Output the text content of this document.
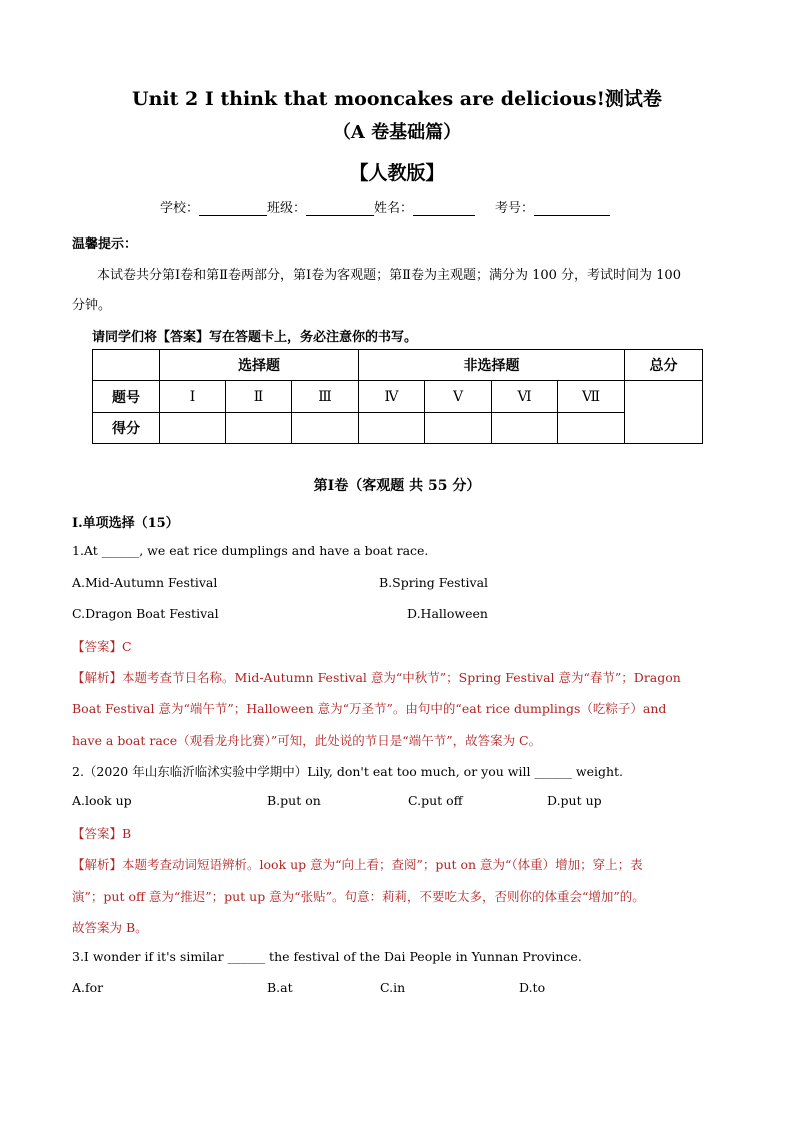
Unit 2 I think that mooncakes are delicious!测试卷
（A 卷基础篇）
【人教版】
学校：	班级：	姓名：	考号：
温馨提示：
本试卷共分第Ⅰ卷和第Ⅱ卷两部分，第Ⅰ卷为客观题；第Ⅱ卷为主观题；满分为 100 分，考试时间为 100
分钟。
请同学们将【答案】写在答题卡上，务必注意你的书写。
	选择题			非选择题				总分
题号	Ⅰ	Ⅱ	Ⅲ	Ⅳ	Ⅴ	Ⅵ	Ⅶ	
得分								
第Ⅰ卷（客观题 共 55 分）
Ⅰ.单项选择（15）
1.At ______, we eat rice dumplings and have a boat race.
A.Mid-Autumn Festival	B.Spring Festival
C.Dragon Boat Festival	D.Halloween
【答案】C
【解析】本题考查节日名称。Mid-Autumn Festival 意为“中秋节”；Spring Festival 意为“春节”；Dragon
Boat Festival 意为“端午节”；Halloween 意为“万圣节”。由句中的“eat rice dumplings（吃粽子）and
have a boat race（观看龙舟比赛）”可知，此处说的节日是“端午节”，故答案为 C。
2.（2020 年山东临沂临沭实验中学期中）Lily, don't eat too much, or you will ______ weight.
A.look up	B.put on	C.put off	D.put up
【答案】B
【解析】本题考查动词短语辨析。look up 意为“向上看；查阅”；put on 意为“（体重）增加；穿上；表
演”；put off 意为“推迟”；put up 意为“张贴”。句意：莉莉，不要吃太多，否则你的体重会“增加”的。
故答案为 B。
3.I wonder if it's similar ______ the festival of the Dai People in Yunnan Province.
A.for	B.at	C.in	D.to
